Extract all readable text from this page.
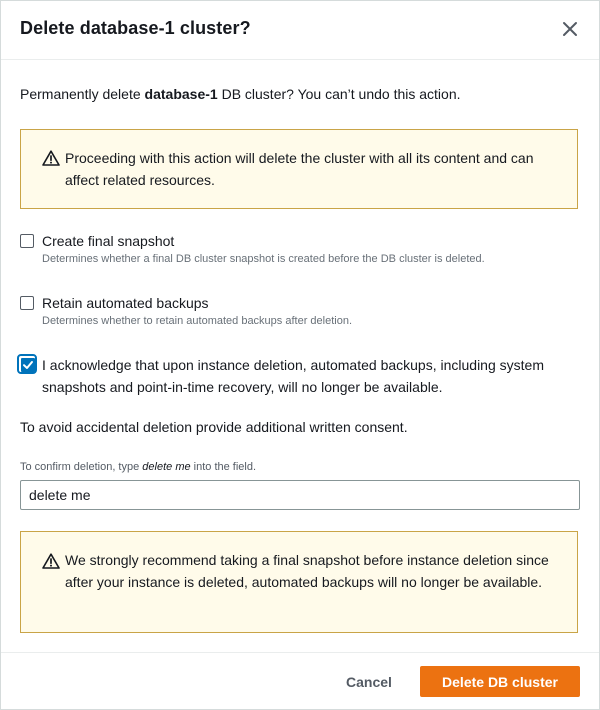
Delete database-1 cluster?
Permanently delete database-1 DB cluster? You can’t undo this action.
Proceeding with this action will delete the cluster with all its content and can affect related resources.
Create final snapshot
Determines whether a final DB cluster snapshot is created before the DB cluster is deleted.
Retain automated backups
Determines whether to retain automated backups after deletion.
I acknowledge that upon instance deletion, automated backups, including system snapshots and point-in-time recovery, will no longer be available.
To avoid accidental deletion provide additional written consent.
To confirm deletion, type delete me into the field.
delete me
We strongly recommend taking a final snapshot before instance deletion since after your instance is deleted, automated backups will no longer be available.
Cancel	Delete DB cluster
